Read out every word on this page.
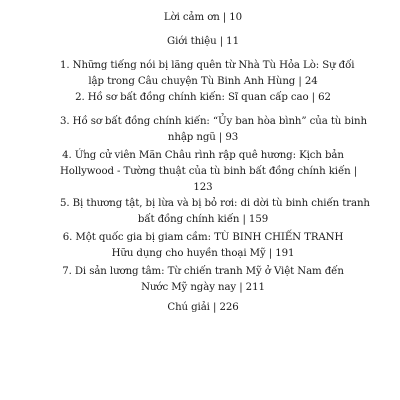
Lời cảm ơn | 10
Giới thiệu | 11
1. Những tiếng nói bị lãng quên từ Nhà Tù Hỏa Lò: Sự đối
lập trong Câu chuyện Tù Binh Anh Hùng | 24
2. Hồ sơ bất đồng chính kiến: Sĩ quan cấp cao | 62
3. Hồ sơ bất đồng chính kiến: “Ủy ban hòa bình” của tù binh
nhập ngũ | 93
4. Ứng cử viên Mãn Châu rình rập quê hương: Kịch bản
Hollywood - Tường thuật của tù binh bất đồng chính kiến |
123
5. Bị thương tật, bị lừa và bị bỏ rơi: di dời tù binh chiến tranh
bất đồng chính kiến | 159
6. Một quốc gia bị giam cầm: TÙ BINH CHIẾN TRANH
Hữu dụng cho huyền thoại Mỹ | 191
7. Di sản lương tâm: Từ chiến tranh Mỹ ở Việt Nam đến
Nước Mỹ ngày nay | 211
Chú giải | 226
